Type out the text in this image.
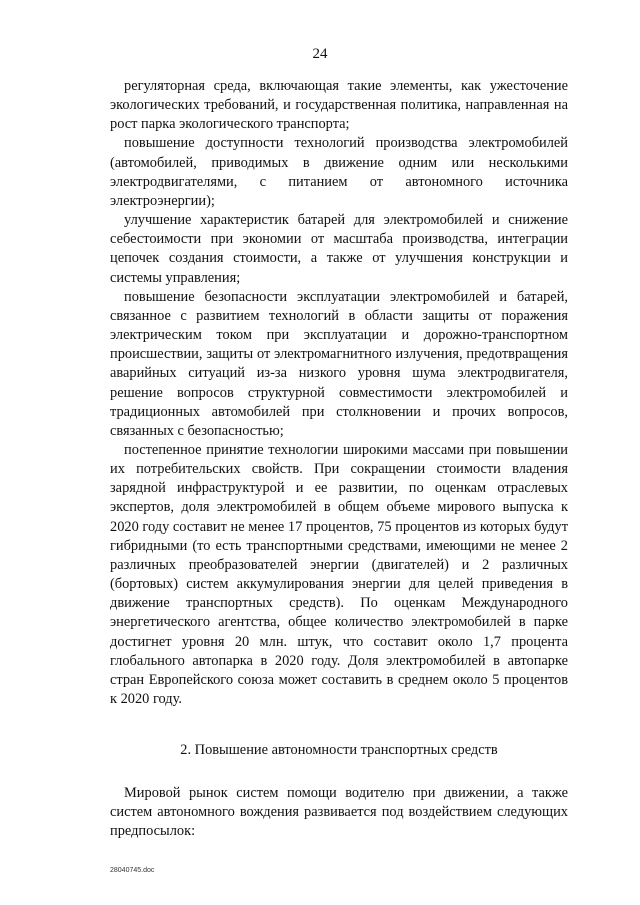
24

регуляторная среда, включающая такие элементы, как ужесточение экологических требований, и государственная политика, направленная на рост парка экологического транспорта;

повышение доступности технологий производства электромобилей (автомобилей, приводимых в движение одним или несколькими электродвигателями, с питанием от автономного источника электроэнергии);

улучшение характеристик батарей для электромобилей и снижение себестоимости при экономии от масштаба производства, интеграции цепочек создания стоимости, а также от улучшения конструкции и системы управления;

повышение безопасности эксплуатации электромобилей и батарей, связанное с развитием технологий в области защиты от поражения электрическим током при эксплуатации и дорожно-транспортном происшествии, защиты от электромагнитного излучения, предотвращения аварийных ситуаций из-за низкого уровня шума электродвигателя, решение вопросов структурной совместимости электромобилей и традиционных автомобилей при столкновении и прочих вопросов, связанных с безопасностью;

постепенное принятие технологии широкими массами при повышении их потребительских свойств. При сокращении стоимости владения зарядной инфраструктурой и ее развитии, по оценкам отраслевых экспертов, доля электромобилей в общем объеме мирового выпуска к 2020 году составит не менее 17 процентов, 75 процентов из которых будут гибридными (то есть транспортными средствами, имеющими не менее 2 различных преобразователей энергии (двигателей) и 2 различных (бортовых) систем аккумулирования энергии для целей приведения в движение транспортных средств). По оценкам Международного энергетического агентства, общее количество электромобилей в парке достигнет уровня 20 млн. штук, что составит около 1,7 процента глобального автопарка в 2020 году. Доля электромобилей в автопарке стран Европейского союза может составить в среднем около 5 процентов к 2020 году.

2. Повышение автономности транспортных средств

Мировой рынок систем помощи водителю при движении, а также систем автономного вождения развивается под воздействием следующих предпосылок:

28040745.doc
